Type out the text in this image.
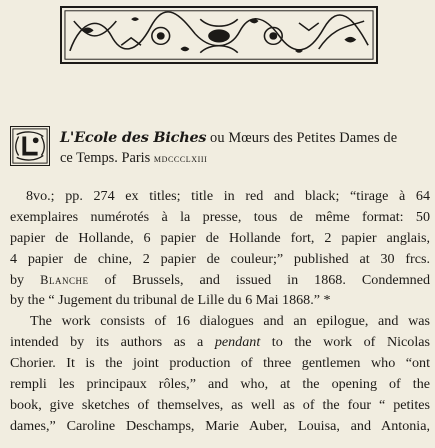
L'Ecole des Biches ou Mœurs des Petites Dames de
ce Temps. Paris mdccclxiii
8vo.; pp. 274 ex titles; title in red and black; “tirage à 64
exemplaires numérotés à la presse, tous de même format: 50
papier de Hollande, 6 papier de Hollande fort, 2 papier anglais,
4 papier de chine, 2 papier de couleur;” published at 30 frcs.
by Blanche of Brussels, and issued in 1868. Condemned
by the “ Jugement du tribunal de Lille du 6 Mai 1868.” *
The work consists of 16 dialogues and an epilogue, and was
intended by its authors as a pendant to the work of Nicolas
Chorier. It is the joint production of three gentlemen who “ont
rempli les principaux rôles,” and who, at the opening of the
book, give sketches of themselves, as well as of the four “ petites
dames,” Caroline Deschamps, Marie Auber, Louisa, and Antonia,
